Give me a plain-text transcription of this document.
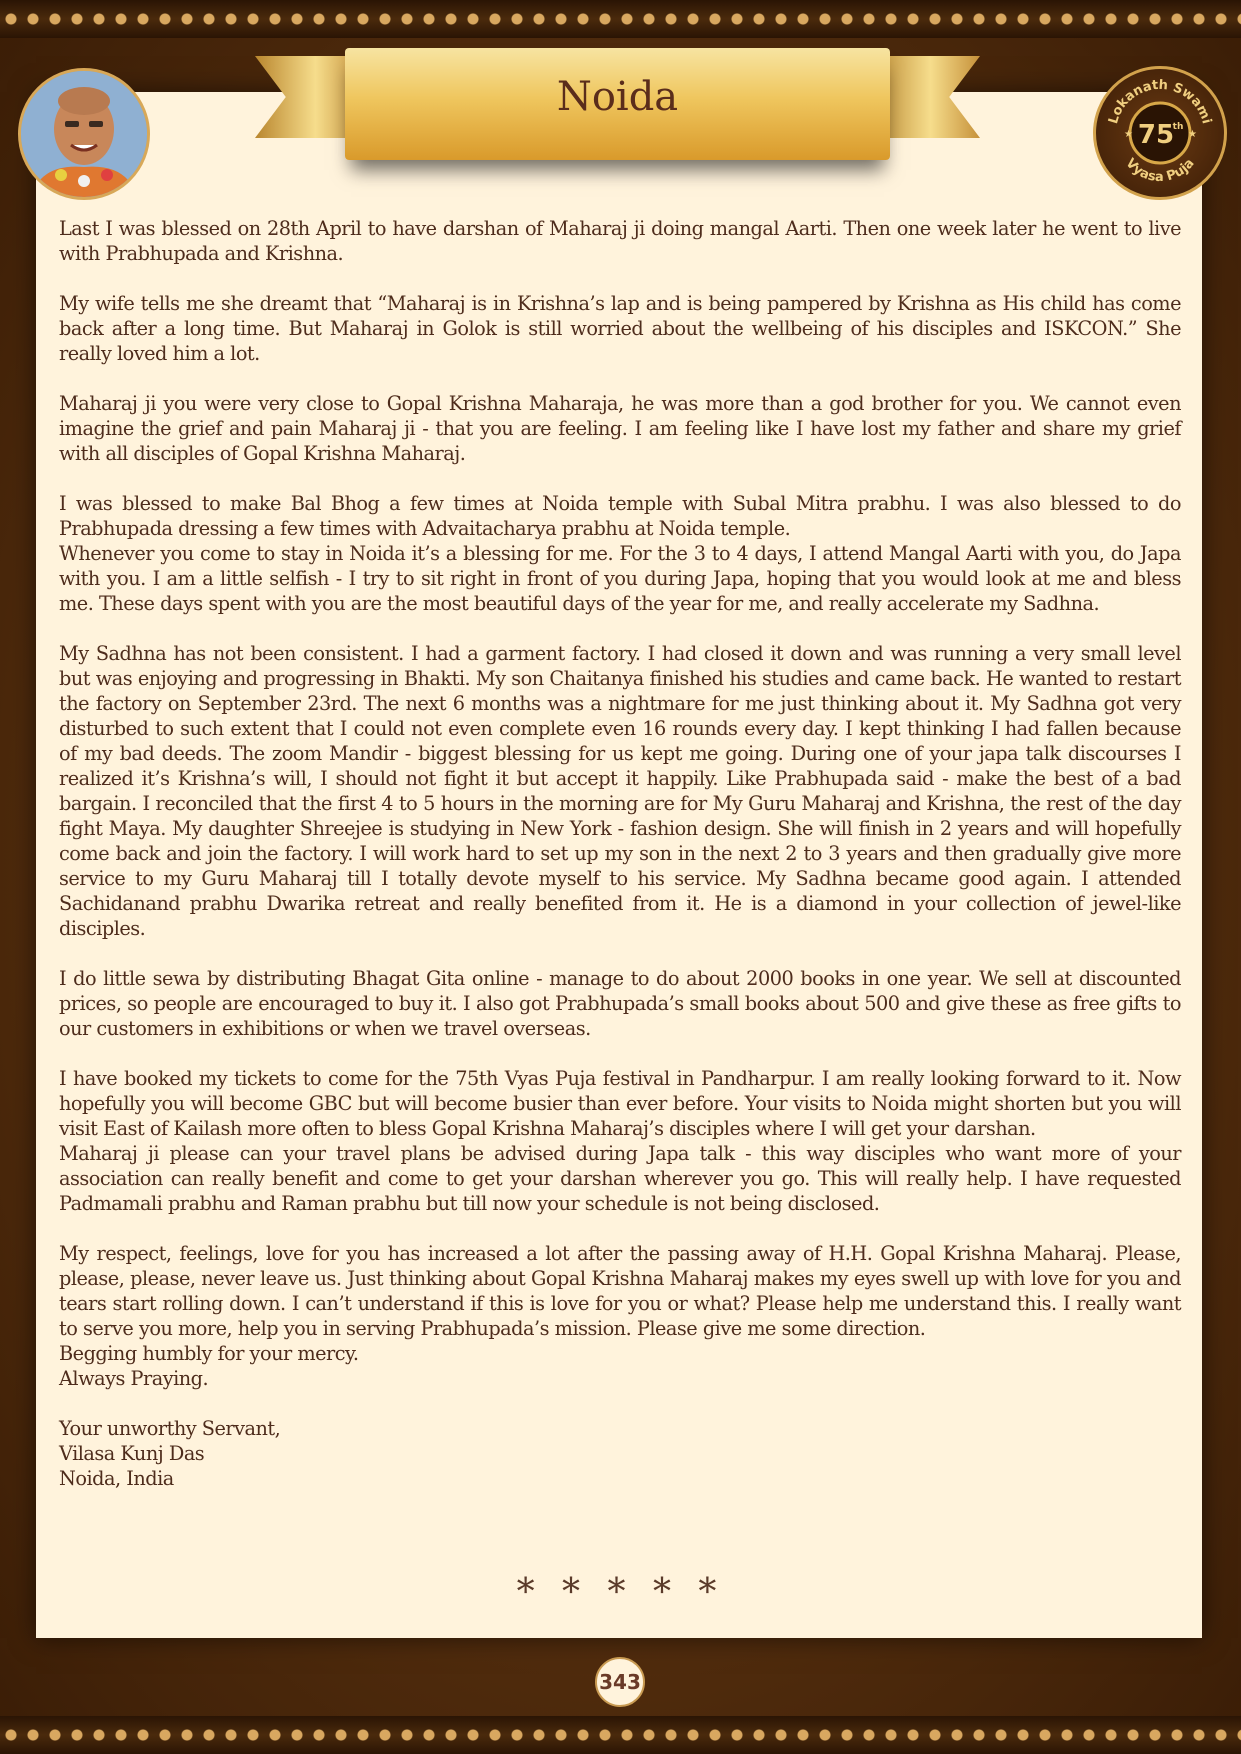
Lokanath Swami
Vyasa Puja
75
th
★	★
Noida

Last I was blessed on 28th April to have darshan of Maharaj ji doing mangal Aarti. Then one week later he went to live with Prabhupada and Krishna.

My wife tells me she dreamt that “Maharaj is in Krishna’s lap and is being pampered by Krishna as His child has come back after a long time. But Maharaj in Golok is still worried about the wellbeing of his disciples and ISKCON.” She really loved him a lot.

Maharaj ji you were very close to Gopal Krishna Maharaja, he was more than a god brother for you. We cannot even imagine the grief and pain Maharaj ji - that you are feeling. I am feeling like I have lost my father and share my grief with all disciples of Gopal Krishna Maharaj.

I was blessed to make Bal Bhog a few times at Noida temple with Subal Mitra prabhu. I was also blessed to do Prabhupada dressing a few times with Advaitacharya prabhu at Noida temple.

Whenever you come to stay in Noida it’s a blessing for me. For the 3 to 4 days, I attend Mangal Aarti with you, do Japa with you. I am a little selfish - I try to sit right in front of you during Japa, hoping that you would look at me and bless me. These days spent with you are the most beautiful days of the year for me, and really accelerate my Sadhna.

My Sadhna has not been consistent. I had a garment factory. I had closed it down and was running a very small level but was enjoying and progressing in Bhakti. My son Chaitanya finished his studies and came back. He wanted to restart the factory on September 23rd. The next 6 months was a nightmare for me just thinking about it. My Sadhna got very disturbed to such extent that I could not even complete even 16 rounds every day. I kept thinking I had fallen because of my bad deeds. The zoom Mandir - biggest blessing for us kept me going. During one of your japa talk discourses I realized it’s Krishna’s will, I should not fight it but accept it happily. Like Prabhupada said - make the best of a bad bargain. I reconciled that the first 4 to 5 hours in the morning are for My Guru Maharaj and Krishna, the rest of the day fight Maya. My daughter Shreejee is studying in New York - fashion design. She will finish in 2 years and will hopefully come back and join the factory. I will work hard to set up my son in the next 2 to 3 years and then gradually give more service to my Guru Maharaj till I totally devote myself to his service. My Sadhna became good again. I attended Sachidanand prabhu Dwarika retreat and really benefited from it. He is a diamond in your collection of jewel-like disciples.

I do little sewa by distributing Bhagat Gita online - manage to do about 2000 books in one year. We sell at discounted prices, so people are encouraged to buy it. I also got Prabhupada’s small books about 500 and give these as free gifts to our customers in exhibitions or when we travel overseas.

I have booked my tickets to come for the 75th Vyas Puja festival in Pandharpur. I am really looking forward to it. Now hopefully you will become GBC but will become busier than ever before. Your visits to Noida might shorten but you will visit East of Kailash more often to bless Gopal Krishna Maharaj’s disciples where I will get your darshan.

Maharaj ji please can your travel plans be advised during Japa talk - this way disciples who want more of your association can really benefit and come to get your darshan wherever you go. This will really help. I have requested Padmamali prabhu and Raman prabhu but till now your schedule is not being disclosed.

My respect, feelings, love for you has increased a lot after the passing away of H.H. Gopal Krishna Maharaj. Please, please, please, never leave us. Just thinking about Gopal Krishna Maharaj makes my eyes swell up with love for you and tears start rolling down. I can’t understand if this is love for you or what? Please help me understand this. I really want to serve you more, help you in serving Prabhupada’s mission. Please give me some direction.

Begging humbly for your mercy.
Always Praying.
Your unworthy Servant,
Vilasa Kunj Das
Noida, India
* * * * *
343
